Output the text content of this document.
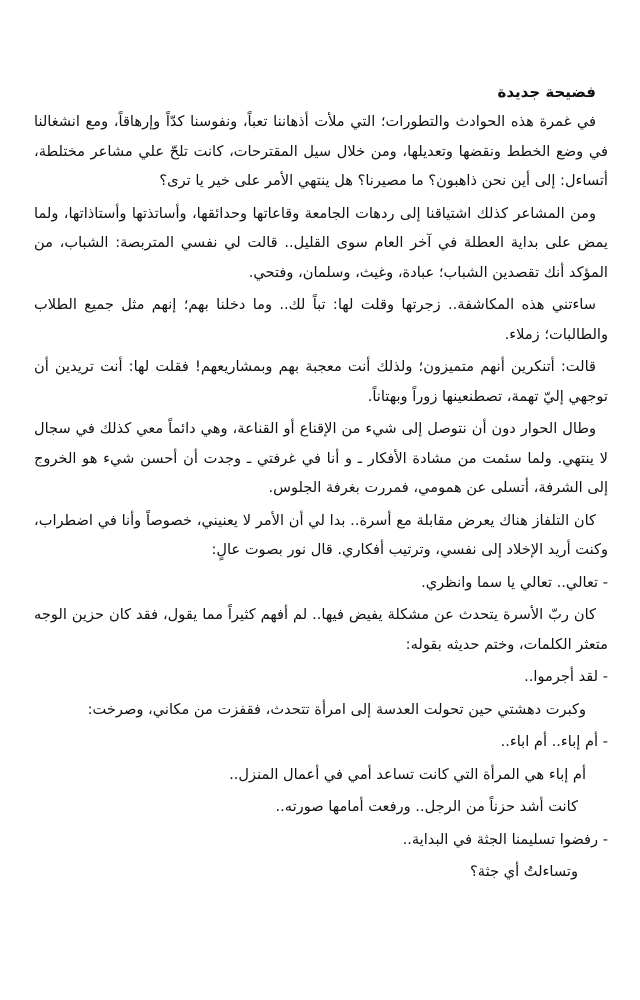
فضيحة جديدة

في غمرة هذه الحوادث والتطورات؛ التي ملأت أذهاننا تعباً، ونفوسنا كدّاً وإرهاقاً، ومع انشغالنا في وضع الخطط ونقضها وتعديلها، ومن خلال سيل المقترحات، كانت تلحّ علي مشاعر مختلطة، أتساءل: إلى أين نحن ذاهبون؟ ما مصيرنا؟ هل ينتهي الأمر على خير يا ترى؟

ومن المشاعر كذلك اشتياقنا إلى ردهات الجامعة وقاعاتها وحدائقها، وأساتذتها وأستاذاتها، ولما يمض على بداية العطلة في آخر العام سوى القليل.. قالت لي نفسي المتربصة: الشباب، من المؤكد أنك تقصدين الشباب؛ عبادة، وغيث، وسلمان، وفتحي.

ساءتني هذه المكاشفة.. زجرتها وقلت لها: تباً لك.. وما دخلنا بهم؛ إنهم مثل جميع الطلاب والطالبات؛ زملاء.

قالت: أتنكرين أنهم متميزون؛ ولذلك أنت معجبة بهم وبمشاريعهم! فقلت لها: أنت تريدين أن توجهي إليّ تهمة، تصطنعينها زوراً وبهتاناً.

وطال الحوار دون أن نتوصل إلى شيء من الإقناع أو القناعة، وهي دائماً معي كذلك في سجال لا ينتهي. ولما سئمت من مشادة الأفكار ـ و أنا في غرفتي ـ وجدت أن أحسن شيء هو الخروج إلى الشرفة، أتسلى عن همومي، فمررت بغرفة الجلوس.

كان التلفاز هناك يعرض مقابلة مع أسرة.. بدا لي أن الأمر لا يعنيني، خصوصاً وأنا في اضطراب، وكنت أريد الإخلاد إلى نفسي، وترتيب أفكاري. قال نور بصوت عالٍ:

- تعالي.. تعالي يا سما وانظري.

كان ربّ الأسرة يتحدث عن مشكلة يفيض فيها.. لم أفهم كثيراً مما يقول، فقد كان حزين الوجه متعثر الكلمات، وختم حديثه بقوله:

- لقد أجرموا..

وكبرت دهشتي حين تحولت العدسة إلى امرأة تتحدث، فقفزت من مكاني، وصرخت:

- أم إباء.. أم اباء..

أم إباء هي المرأة التي كانت تساعد أمي في أعمال المنزل..

كانت أشد حزناً من الرجل.. ورفعت أمامها صورته..

- رفضوا تسليمنا الجثة في البداية..

وتساءلتُ أي جثة؟
